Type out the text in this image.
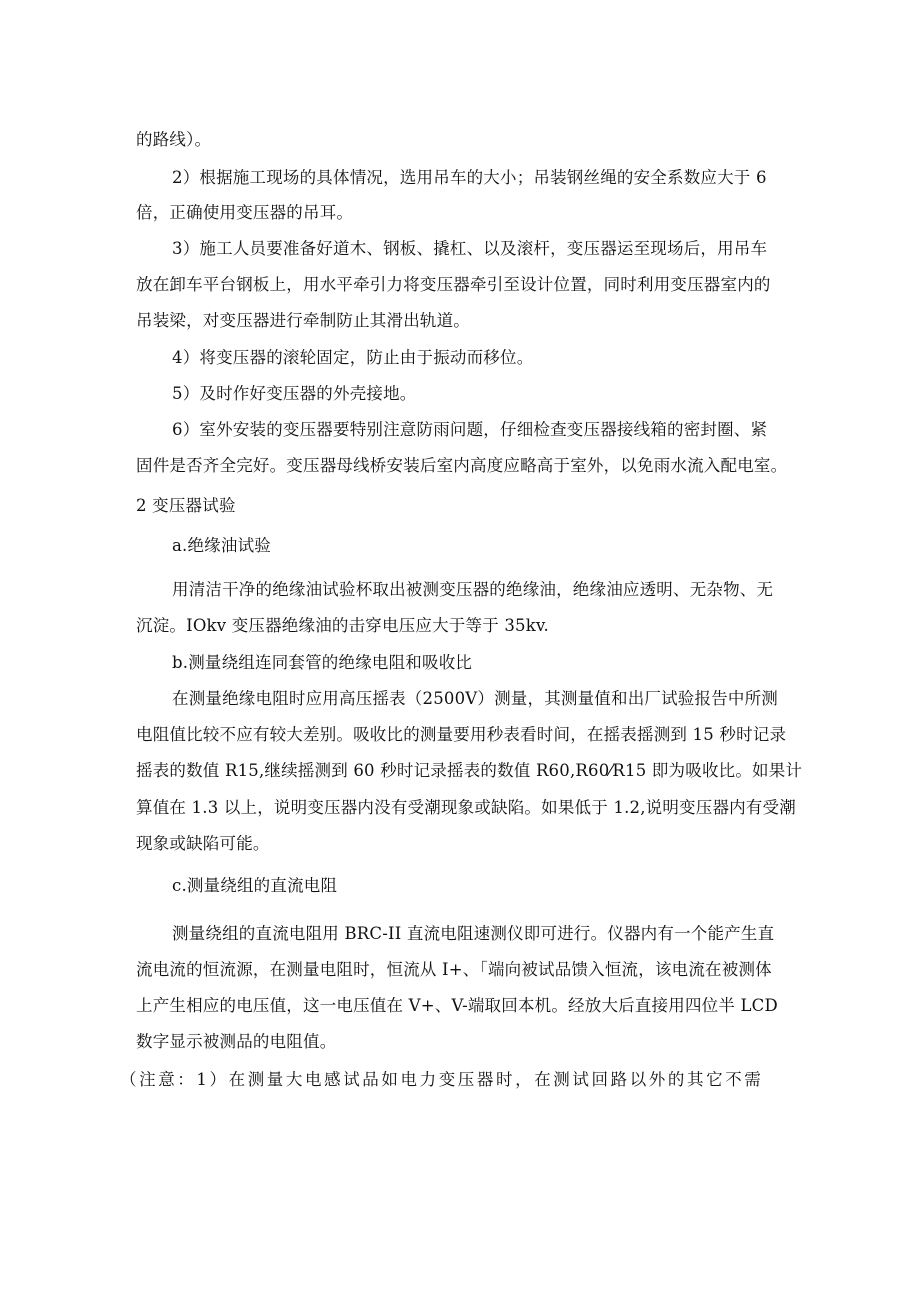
的路线）。
2）根据施工现场的具体情况，选用吊车的大小；吊装钢丝绳的安全系数应大于 6
倍，正确使用变压器的吊耳。
3）施工人员要准备好道木、钢板、撬杠、以及滚杆，变压器运至现场后，用吊车
放在卸车平台钢板上，用水平牵引力将变压器牵引至设计位置，同时利用变压器室内的
吊装梁，对变压器进行牵制防止其滑出轨道。
4）将变压器的滚轮固定，防止由于振动而移位。
5）及时作好变压器的外壳接地。
6）室外安装的变压器要特别注意防雨问题，仔细检查变压器接线箱的密封圈、紧
固件是否齐全完好。变压器母线桥安装后室内高度应略高于室外，以免雨水流入配电室。
2 变压器试验
a.绝缘油试验
用清洁干净的绝缘油试验杯取出被测变压器的绝缘油，绝缘油应透明、无杂物、无
沉淀。IOkv 变压器绝缘油的击穿电压应大于等于 35kv.
b.测量绕组连同套管的绝缘电阻和吸收比
在测量绝缘电阻时应用高压摇表（2500V）测量，其测量值和出厂试验报告中所测
电阻值比较不应有较大差别。吸收比的测量要用秒表看时间，在摇表摇测到 15 秒时记录
摇表的数值 R15,继续摇测到 60 秒时记录摇表的数值 R60,R60⁄R15 即为吸收比。如果计
算值在 1.3 以上，说明变压器内没有受潮现象或缺陷。如果低于 1.2,说明变压器内有受潮
现象或缺陷可能。
c.测量绕组的直流电阻
测量绕组的直流电阻用 BRC-II 直流电阻速测仪即可进行。仪器内有一个能产生直
流电流的恒流源，在测量电阻时，恒流从 I+、「端向被试品馈入恒流，该电流在被测体
上产生相应的电压值，这一电压值在 V+、V-端取回本机。经放大后直接用四位半 LCD
数字显示被测品的电阻值。
（注意：1）在测量大电感试品如电力变压器时，在测试回路以外的其它不需
